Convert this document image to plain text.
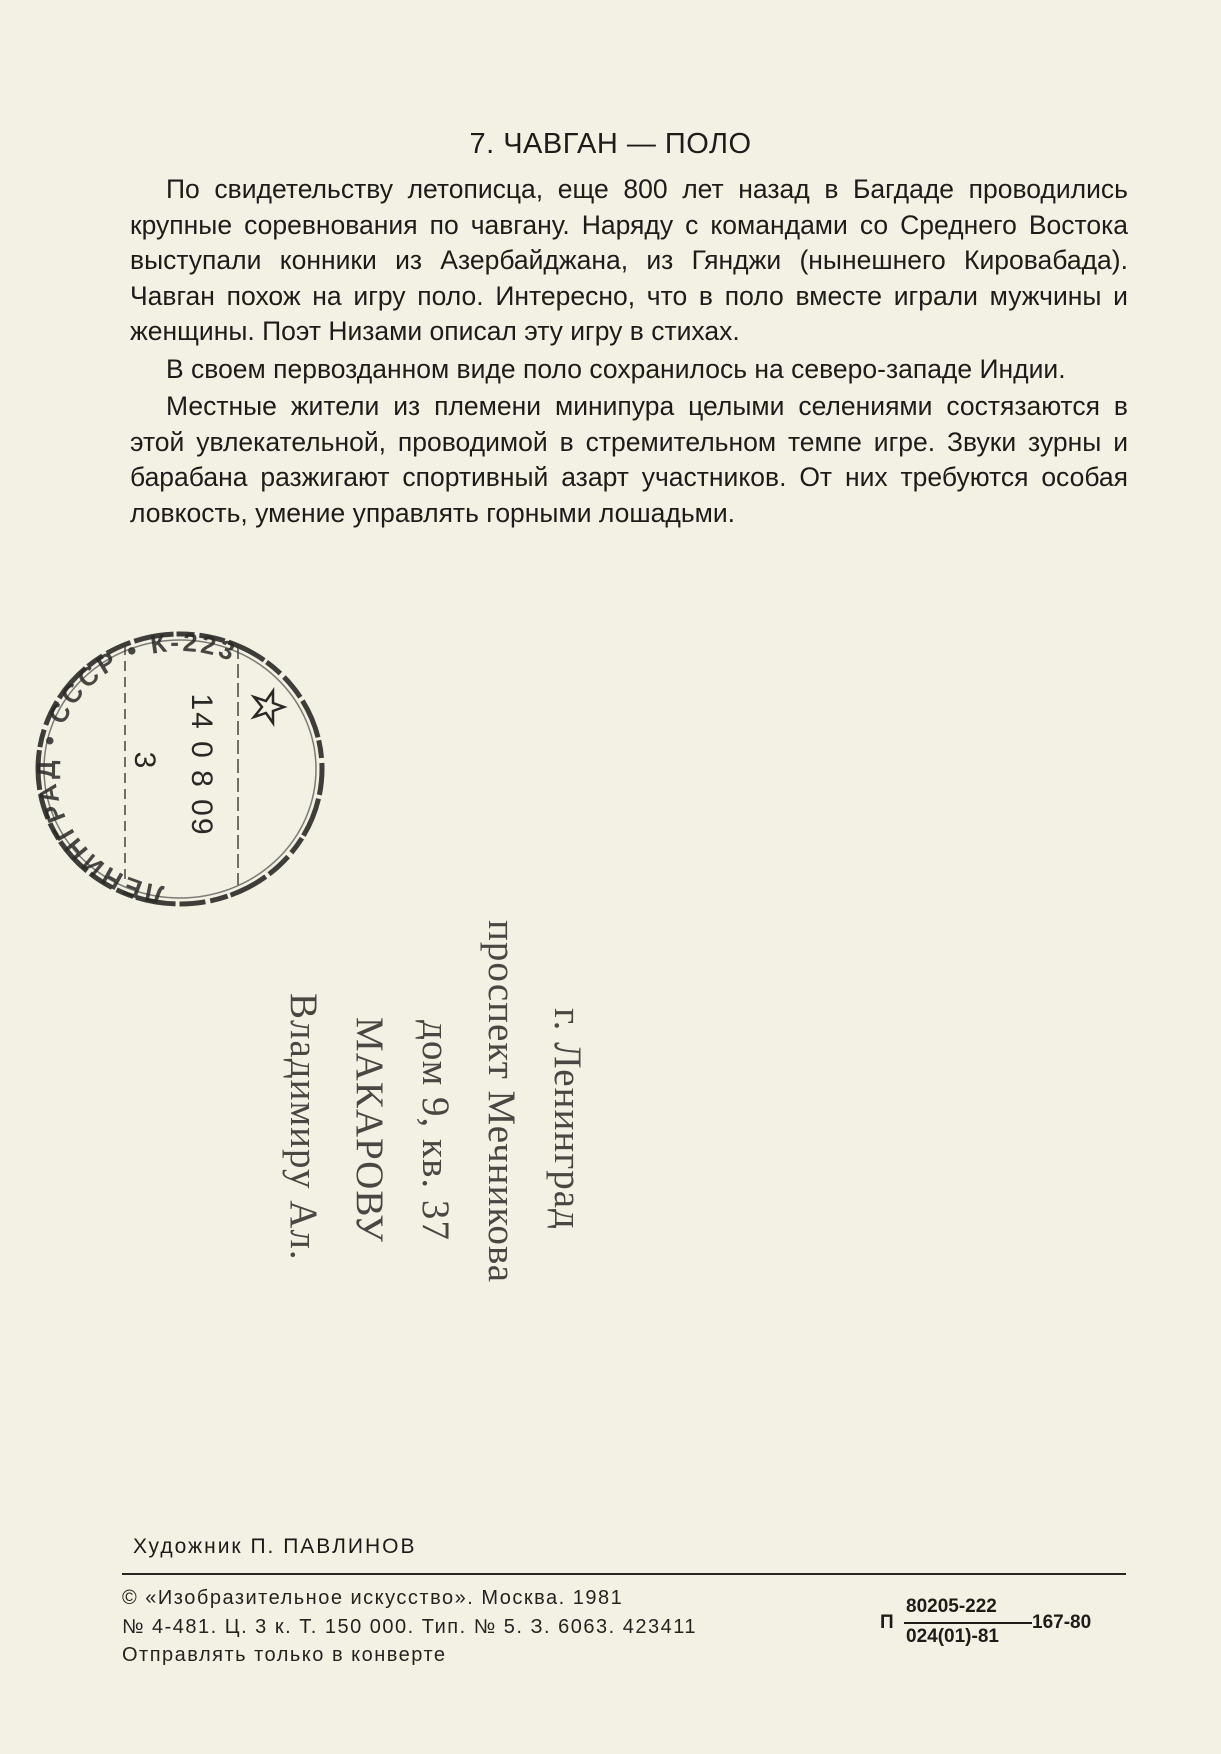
7. ЧАВГАН — ПОЛО

По свидетельству летописца, еще 800 лет назад в Багдаде проводились крупные соревнования по чавгану. Наряду с командами со Среднего Востока выступали конники из Азербайджана, из Гянджи (нынешнего Кировабада). Чавган похож на игру поло. Интересно, что в поло вместе играли мужчины и женщины. Поэт Низами описал эту игру в стихах.

В своем первозданном виде поло сохранилось на северо-западе Индии.

Местные жители из племени минипура целыми селениями состязаются в этой увлекательной, проводимой в стремительном темпе игре. Звуки зурны и барабана разжигают спортивный азарт участников. От них требуются особая ловкость, умение управлять горными лошадьми.

ЛЕНИНГРАД • СССР • К-223
14 0 8 09
3
г. Ленинград
проспект Мечникова
дом 9, кв. 37
МАКАРОВУ
Владимиру Ал.
Художник П. ПАВЛИНОВ
© «Изобразительное искусство». Москва. 1981
№ 4-481. Ц. 3 к. Т. 150 000. Тип. № 5. З. 6063. 423411
Отправлять только в конверте
П
80205-222
024(01)-81
167-80
